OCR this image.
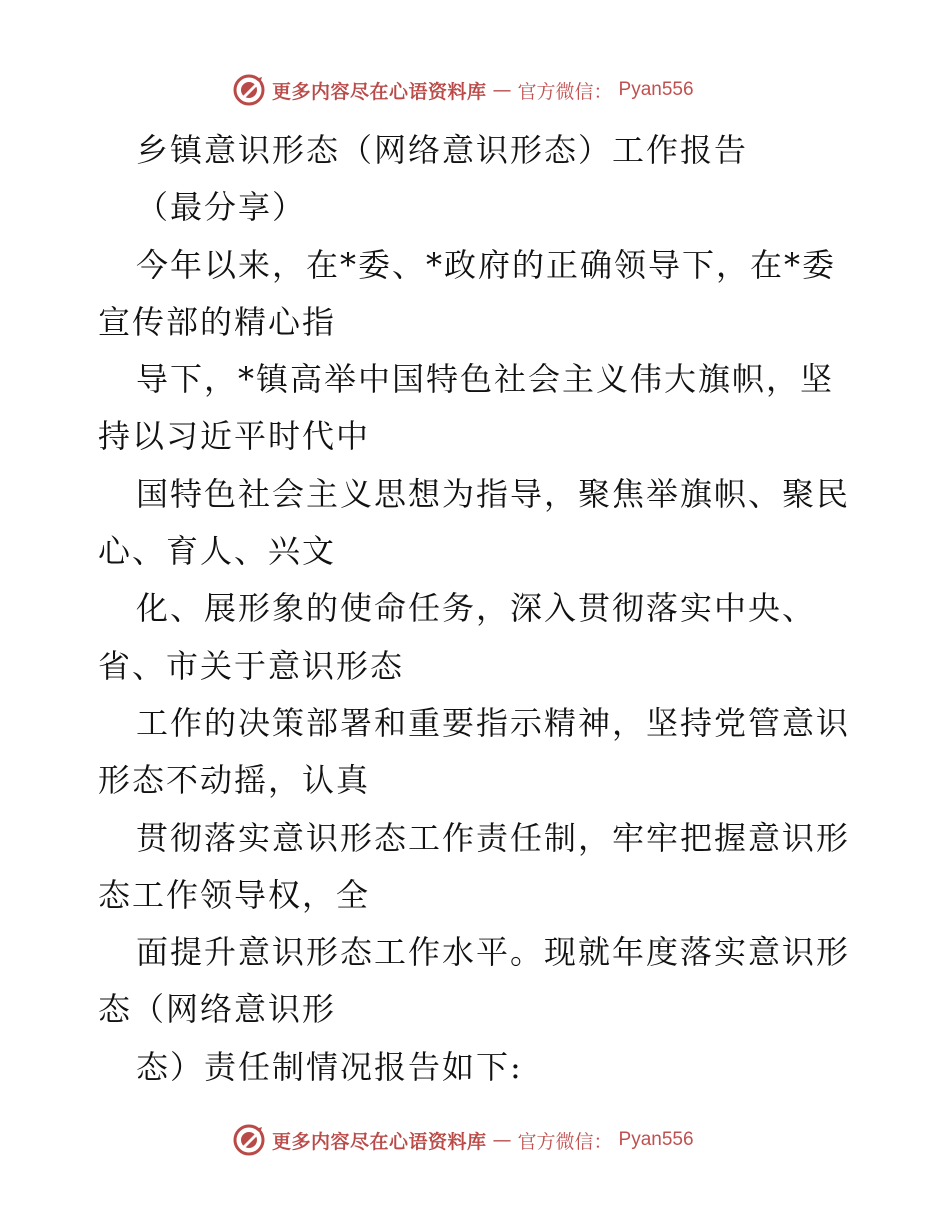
更多内容尽在心语资料库 — 官方微信： Pyan556
乡镇意识形态（网络意识形态）工作报告
（最分享）
今年以来，在*委、*政府的正确领导下，在*委
宣传部的精心指
导下，*镇高举中国特色社会主义伟大旗帜，坚
持以习近平时代中
国特色社会主义思想为指导，聚焦举旗帜、聚民
心、育人、兴文
化、展形象的使命任务，深入贯彻落实中央、
省、市关于意识形态
工作的决策部署和重要指示精神，坚持党管意识
形态不动摇，认真
贯彻落实意识形态工作责任制，牢牢把握意识形
态工作领导权，全
面提升意识形态工作水平。现就年度落实意识形
态（网络意识形
态）责任制情况报告如下:
更多内容尽在心语资料库 — 官方微信： Pyan556
